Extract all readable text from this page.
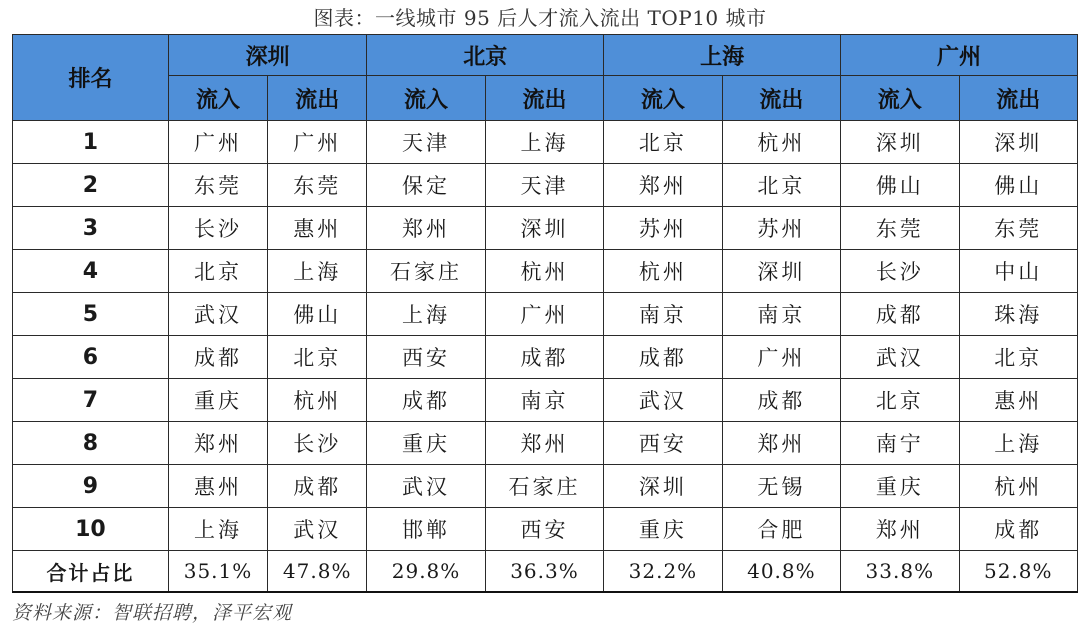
图表：一线城市 95 后人才流入流出 TOP10 城市
排名	深圳		北京		上海		广州	
	流入	流出	流入	流出	流入	流出	流入	流出
1	广州	广州	天津	上海	北京	杭州	深圳	深圳
2	东莞	东莞	保定	天津	郑州	北京	佛山	佛山
3	长沙	惠州	郑州	深圳	苏州	苏州	东莞	东莞
4	北京	上海	石家庄	杭州	杭州	深圳	长沙	中山
5	武汉	佛山	上海	广州	南京	南京	成都	珠海
6	成都	北京	西安	成都	成都	广州	武汉	北京
7	重庆	杭州	成都	南京	武汉	成都	北京	惠州
8	郑州	长沙	重庆	郑州	西安	郑州	南宁	上海
9	惠州	成都	武汉	石家庄	深圳	无锡	重庆	杭州
10	上海	武汉	邯郸	西安	重庆	合肥	郑州	成都
合计占比	35.1%	47.8%	29.8%	36.3%	32.2%	40.8%	33.8%	52.8%
资料来源：智联招聘，泽平宏观
